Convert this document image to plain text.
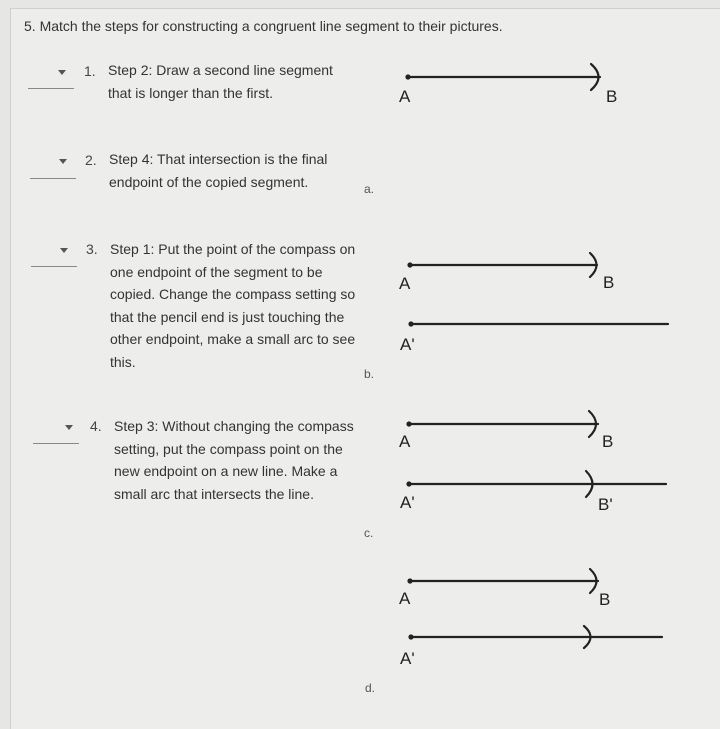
5. Match the steps for constructing a congruent line segment to their pictures.
1. Step 2: Draw a second line segment that is longer than the first.
2. Step 4: That intersection is the final endpoint of the copied segment.
3. Step 1: Put the point of the compass on one endpoint of the segment to be copied. Change the compass setting so that the pencil end is just touching the other endpoint, make a small arc to see this.
4. Step 3: Without changing the compass setting, put the compass point on the new endpoint on a new line. Make a small arc that intersects the line.
a.
b.
c.
d.
A	B
A	B
A'
A	B
A'	B'
A	B
A'
